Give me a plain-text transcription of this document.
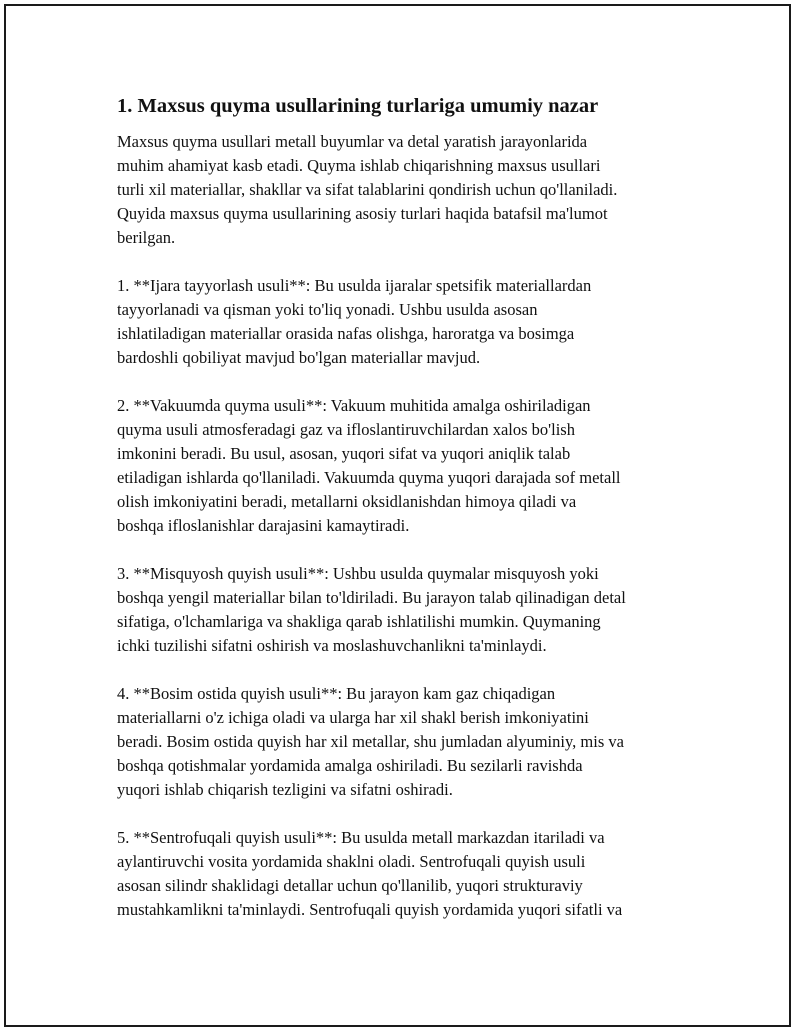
1. Maxsus quyma usullarining turlariga umumiy nazar

Maxsus quyma usullari metall buyumlar va detal yaratish jarayonlarida
muhim ahamiyat kasb etadi. Quyma ishlab chiqarishning maxsus usullari
turli xil materiallar, shakllar va sifat talablarini qondirish uchun qo'llaniladi.
Quyida maxsus quyma usullarining asosiy turlari haqida batafsil ma'lumot
berilgan.

1. **Ijara tayyorlash usuli**: Bu usulda ijaralar spetsifik materiallardan
tayyorlanadi va qisman yoki to'liq yonadi. Ushbu usulda asosan
ishlatiladigan materiallar orasida nafas olishga, haroratga va bosimga
bardoshli qobiliyat mavjud bo'lgan materiallar mavjud.

2. **Vakuumda quyma usuli**: Vakuum muhitida amalga oshiriladigan
quyma usuli atmosferadagi gaz va ifloslantiruvchilardan xalos bo'lish
imkonini beradi. Bu usul, asosan, yuqori sifat va yuqori aniqlik talab
etiladigan ishlarda qo'llaniladi. Vakuumda quyma yuqori darajada sof metall
olish imkoniyatini beradi, metallarni oksidlanishdan himoya qiladi va
boshqa ifloslanishlar darajasini kamaytiradi.

3. **Misquyosh quyish usuli**: Ushbu usulda quymalar misquyosh yoki
boshqa yengil materiallar bilan to'ldiriladi. Bu jarayon talab qilinadigan detal
sifatiga, o'lchamlariga va shakliga qarab ishlatilishi mumkin. Quymaning
ichki tuzilishi sifatni oshirish va moslashuvchanlikni ta'minlaydi.

4. **Bosim ostida quyish usuli**: Bu jarayon kam gaz chiqadigan
materiallarni o'z ichiga oladi va ularga har xil shakl berish imkoniyatini
beradi. Bosim ostida quyish har xil metallar, shu jumladan alyuminiy, mis va
boshqa qotishmalar yordamida amalga oshiriladi. Bu sezilarli ravishda
yuqori ishlab chiqarish tezligini va sifatni oshiradi.

5. **Sentrofuqali quyish usuli**: Bu usulda metall markazdan itariladi va
aylantiruvchi vosita yordamida shaklni oladi. Sentrofuqali quyish usuli
asosan silindr shaklidagi detallar uchun qo'llanilib, yuqori strukturaviy
mustahkamlikni ta'minlaydi. Sentrofuqali quyish yordamida yuqori sifatli va
